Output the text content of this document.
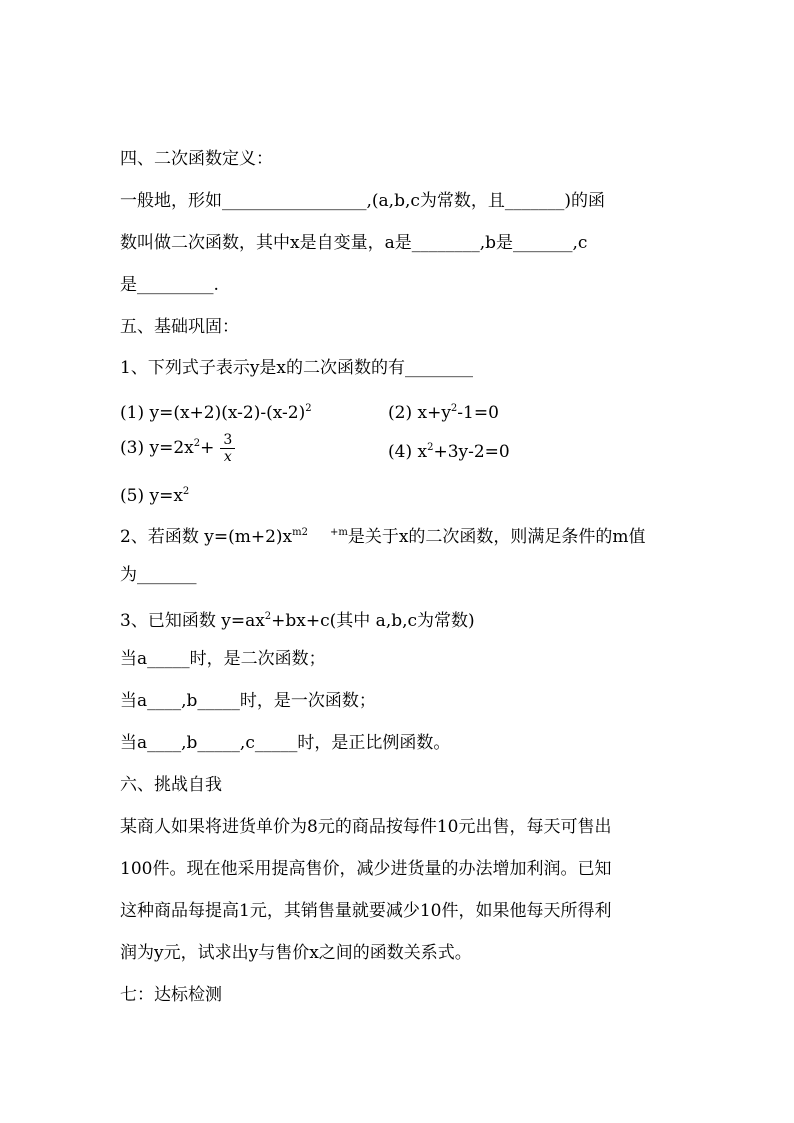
四、二次函数定义：
一般地，形如_________________,(a,b,c为常数，且_______)的函
数叫做二次函数，其中x是自变量，a是________,b是_______,c
是_________.
五、基础巩固：
1、下列式子表示y是x的二次函数的有________
(1) $y=(x+2)(x-2)-(x-2)^2$	(2) $x+y^2-1=0$
(3) $y=2x^2+ \frac{3}{x}$	(4) $x^2+3y-2=0$
(5) $y=x^2$
2、若函数 $y=(m+2)x^{m2}$ $^{+m}$是关于x的二次函数，则满足条件的m值
为_______
3、已知函数 $y=ax^2+bx+c$(其中 a,b,c为常数)
当a_____时，是二次函数；
当a____,b_____时，是一次函数；
当a____,b_____,c_____时，是正比例函数。
六、挑战自我
某商人如果将进货单价为8元的商品按每件10元出售，每天可售出
100件。现在他采用提高售价，减少进货量的办法增加利润。已知
这种商品每提高1元，其销售量就要减少10件，如果他每天所得利
润为y元，试求出y与售价x之间的函数关系式。
七：达标检测
